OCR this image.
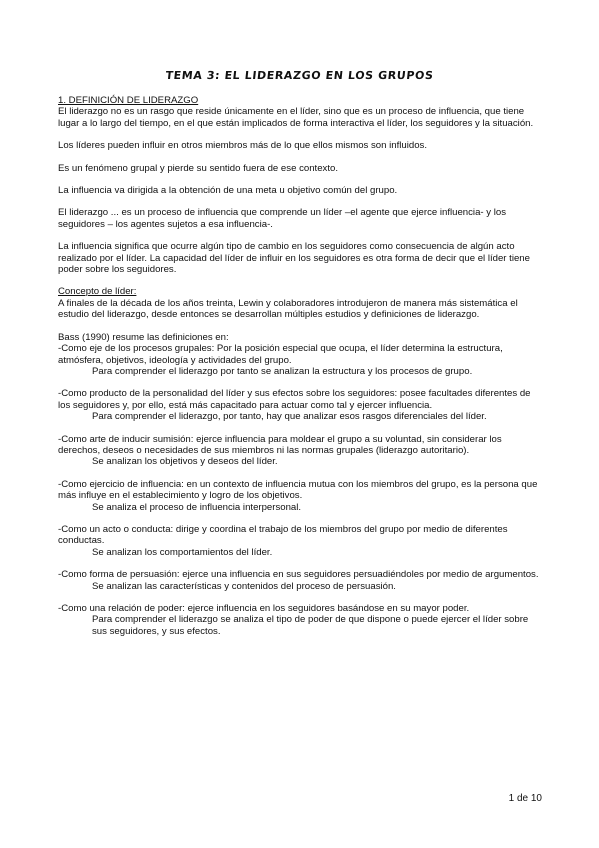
TEMA 3: EL LIDERAZGO EN LOS GRUPOS

1. DEFINICIÓN DE LIDERAZGO

El liderazgo no es un rasgo que reside únicamente en el líder, sino que es un proceso de influencia, que tiene lugar a lo largo del tiempo, en el que están implicados de forma interactiva el líder, los seguidores y la situación.

Los líderes pueden influir en otros miembros más de lo que ellos mismos son influidos.

Es un fenómeno grupal y pierde su sentido fuera de ese contexto.

La influencia va dirigida a la obtención de una meta u objetivo común del grupo.

El liderazgo ... es un proceso de influencia que comprende un líder –el agente que ejerce influencia- y los seguidores – los agentes sujetos a esa influencia-.

La influencia significa que ocurre algún tipo de cambio en los seguidores como consecuencia de algún acto realizado por el líder. La capacidad del líder de influir en los seguidores es otra forma de decir que el líder tiene poder sobre los seguidores.

Concepto de líder:

A finales de la década de los años treinta, Lewin y colaboradores introdujeron de manera más sistemática el estudio del liderazgo, desde entonces se desarrollan múltiples estudios y definiciones de liderazgo.

Bass (1990) resume las definiciones en:

-Como eje de los procesos grupales: Por la posición especial que ocupa, el líder determina la estructura, atmósfera, objetivos, ideología y actividades del grupo.

Para comprender el liderazgo por tanto se analizan la estructura y los procesos de grupo.

-Como producto de la personalidad del líder y sus efectos sobre los seguidores: posee facultades diferentes de los seguidores y, por ello, está más capacitado para actuar como tal y ejercer influencia.

Para comprender el liderazgo, por tanto, hay que analizar esos rasgos diferenciales del líder.

-Como arte de inducir sumisión: ejerce influencia para moldear el grupo a su voluntad, sin considerar los derechos, deseos o necesidades de sus miembros ni las normas grupales (liderazgo autoritario).

Se analizan los objetivos y deseos del líder.

-Como ejercicio de influencia: en un contexto de influencia mutua con los miembros del grupo, es la persona que más influye en el establecimiento y logro de los objetivos.

Se analiza el proceso de influencia interpersonal.

-Como un acto o conducta: dirige y coordina el trabajo de los miembros del grupo por medio de diferentes conductas.

Se analizan los comportamientos del líder.

-Como forma de persuasión: ejerce una influencia en sus seguidores persuadiéndoles por medio de argumentos.

Se analizan las características y contenidos del proceso de persuasión.

-Como una relación de poder: ejerce influencia en los seguidores basándose en su mayor poder.

Para comprender el liderazgo se analiza el tipo de poder de que dispone o puede ejercer el líder sobre sus seguidores, y sus efectos.

1 de 10
